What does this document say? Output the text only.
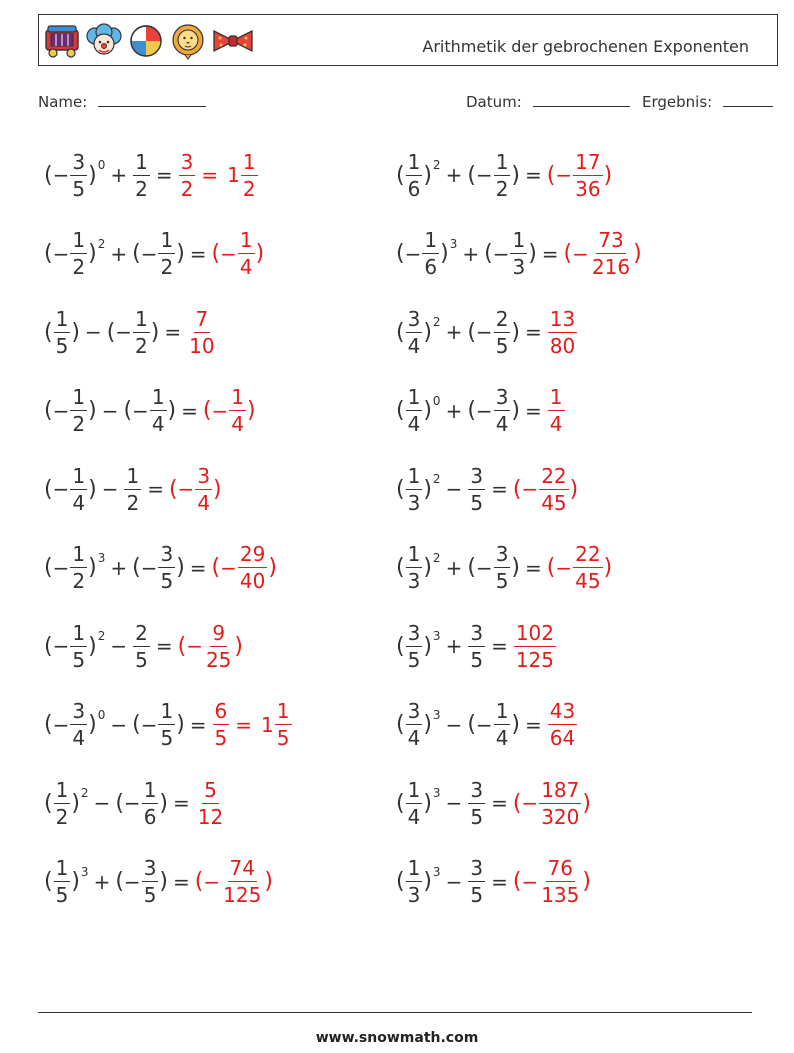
Arithmetik der gebrochenen Exponenten
Name:	Datum:	Ergebnis:
( − $\frac{3}{5}$ ) $0 + \frac{1}{2} = \frac{3}{2} = 1 \frac{1}{2}$	( $\frac{1}{6}$ ) 2 + ( − $\frac{1}{2}$ ) = ( − $\frac{17}{36}$ )
( − $\frac{1}{2}$ ) 2 + ( − $\frac{1}{2}$ ) = ( − $\frac{1}{4}$ )	( − $\frac{1}{6}$ ) 3 + ( − $\frac{1}{3}$ ) = ( − $\frac{73}{216}$ )
( $\frac{1}{5}$ ) − ( − $\frac{1}{2}$ ) = $\frac{7}{10}$	( $\frac{3}{4}$ ) 2 + ( − $\frac{2}{5}$ ) = $\frac{13}{80}$
( − $\frac{1}{2}$ ) − ( − $\frac{1}{4}$ ) = ( − $\frac{1}{4}$ )	( $\frac{1}{4}$ ) 0 + ( − $\frac{3}{4}$ ) = $\frac{1}{4}$
( − $\frac{1}{4}$ ) − $\frac{1}{2}$ = ( − $\frac{3}{4}$ )	( $\frac{1}{3}$ ) $2 - \frac{3}{5}$ = ( − $\frac{22}{45}$ )
( − $\frac{1}{2}$ ) 3 + ( − $\frac{3}{5}$ ) = ( − $\frac{29}{40}$ )	( $\frac{1}{3}$ ) 2 + ( − $\frac{3}{5}$ ) = ( − $\frac{22}{45}$ )
( − $\frac{1}{5}$ ) $2 - \frac{2}{5}$ = ( − $\frac{9}{25}$ )	( $\frac{3}{5}$ ) $3 + \frac{3}{5} = \frac{102}{125}$
( − $\frac{3}{4}$ ) 0 − ( − $\frac{1}{5}$ ) = $\frac{6}{5} = 1 \frac{1}{5}$	( $\frac{3}{4}$ ) 3 − ( − $\frac{1}{4}$ ) = $\frac{43}{64}$
( $\frac{1}{2}$ ) 2 − ( − $\frac{1}{6}$ ) = $\frac{5}{12}$	( $\frac{1}{4}$ ) $3 - \frac{3}{5}$ = ( − $\frac{187}{320}$ )
( $\frac{1}{5}$ ) 3 + ( − $\frac{3}{5}$ ) = ( − $\frac{74}{125}$ )	( $\frac{1}{3}$ ) $3 - \frac{3}{5}$ = ( − $\frac{76}{135}$ )
www.snowmath.com
